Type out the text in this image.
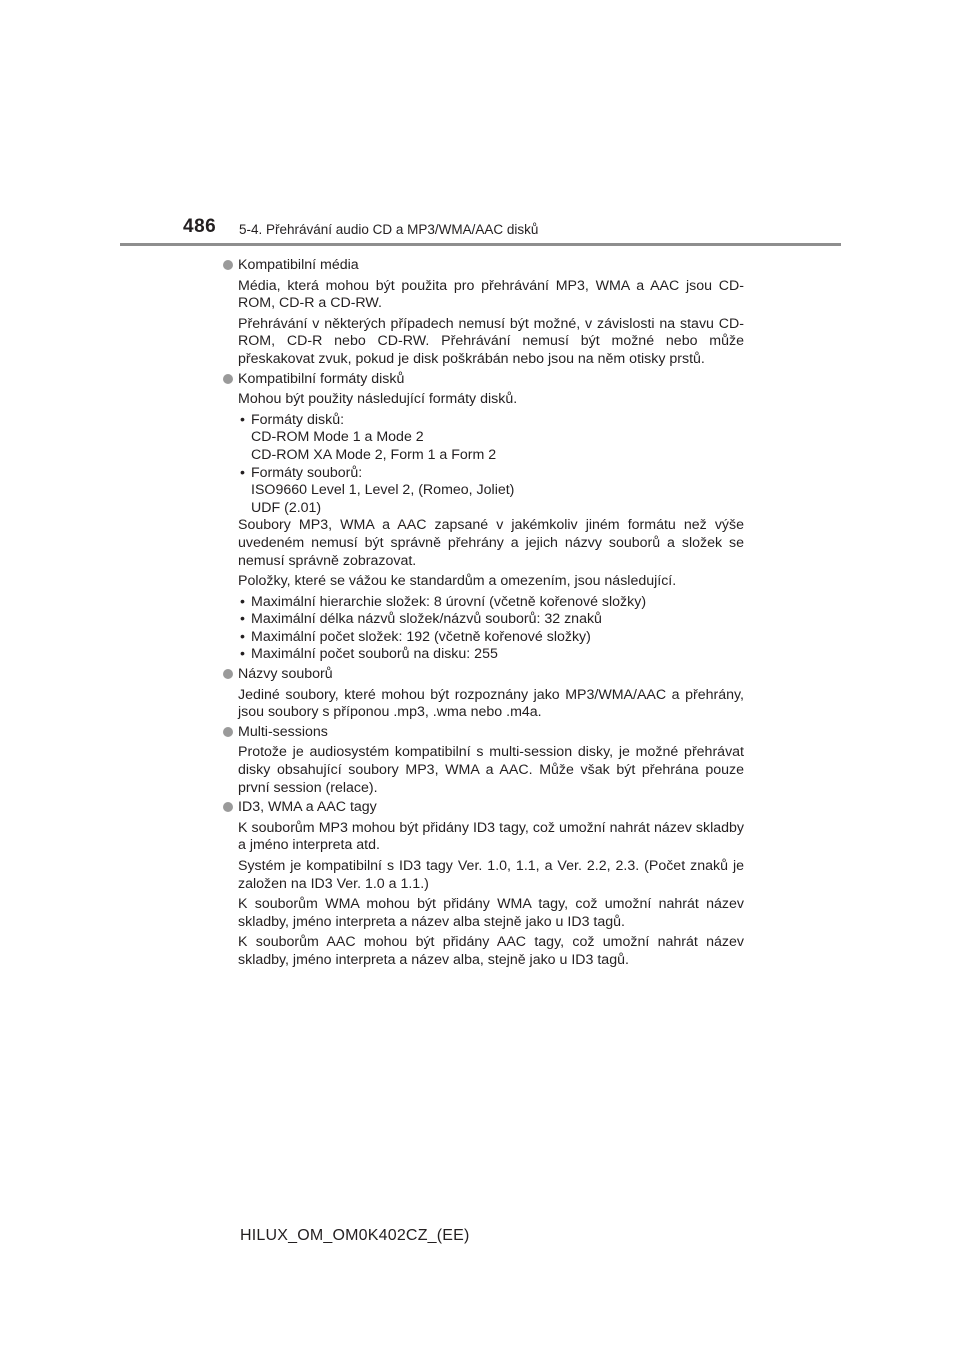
486 5-4. Přehrávání audio CD a MP3/WMA/AAC disků
Kompatibilní média

Média, která mohou být použita pro přehrávání MP3, WMA a AAC jsou CD-ROM, CD-R a CD-RW.

Přehrávání v některých případech nemusí být možné, v závislosti na stavu CD-ROM, CD-R nebo CD-RW. Přehrávání nemusí být možné nebo může přeskakovat zvuk, pokud je disk poškrábán nebo jsou na něm otisky prstů.

Kompatibilní formáty disků

Mohou být použity následující formáty disků.

• Formáty disků:
CD-ROM Mode 1 a Mode 2
CD-ROM XA Mode 2, Form 1 a Form 2
• Formáty souborů:
ISO9660 Level 1, Level 2, (Romeo, Joliet)
UDF (2.01)

Soubory MP3, WMA a AAC zapsané v jakémkoliv jiném formátu než výše uvedeném nemusí být správně přehrány a jejich názvy souborů a složek se nemusí správně zobrazovat.

Položky, které se vážou ke standardům a omezením, jsou následující.

• Maximální hierarchie složek: 8 úrovní (včetně kořenové složky)
• Maximální délka názvů složek/názvů souborů: 32 znaků
• Maximální počet složek: 192 (včetně kořenové složky)
• Maximální počet souborů na disku: 255
Názvy souborů

Jediné soubory, které mohou být rozpoznány jako MP3/WMA/AAC a přehrány, jsou soubory s příponou .mp3, .wma nebo .m4a.

Multi-sessions

Protože je audiosystém kompatibilní s multi-session disky, je možné přehrávat disky obsahující soubory MP3, WMA a AAC. Může však být přehrána pouze první session (relace).

ID3, WMA a AAC tagy

K souborům MP3 mohou být přidány ID3 tagy, což umožní nahrát název skladby a jméno interpreta atd.

Systém je kompatibilní s ID3 tagy Ver. 1.0, 1.1, a Ver. 2.2, 2.3. (Počet znaků je založen na ID3 Ver. 1.0 a 1.1.)

K souborům WMA mohou být přidány WMA tagy, což umožní nahrát název skladby, jméno interpreta a název alba stejně jako u ID3 tagů.

K souborům AAC mohou být přidány AAC tagy, což umožní nahrát název skladby, jméno interpreta a název alba, stejně jako u ID3 tagů.

HILUX_OM_OM0K402CZ_(EE)
